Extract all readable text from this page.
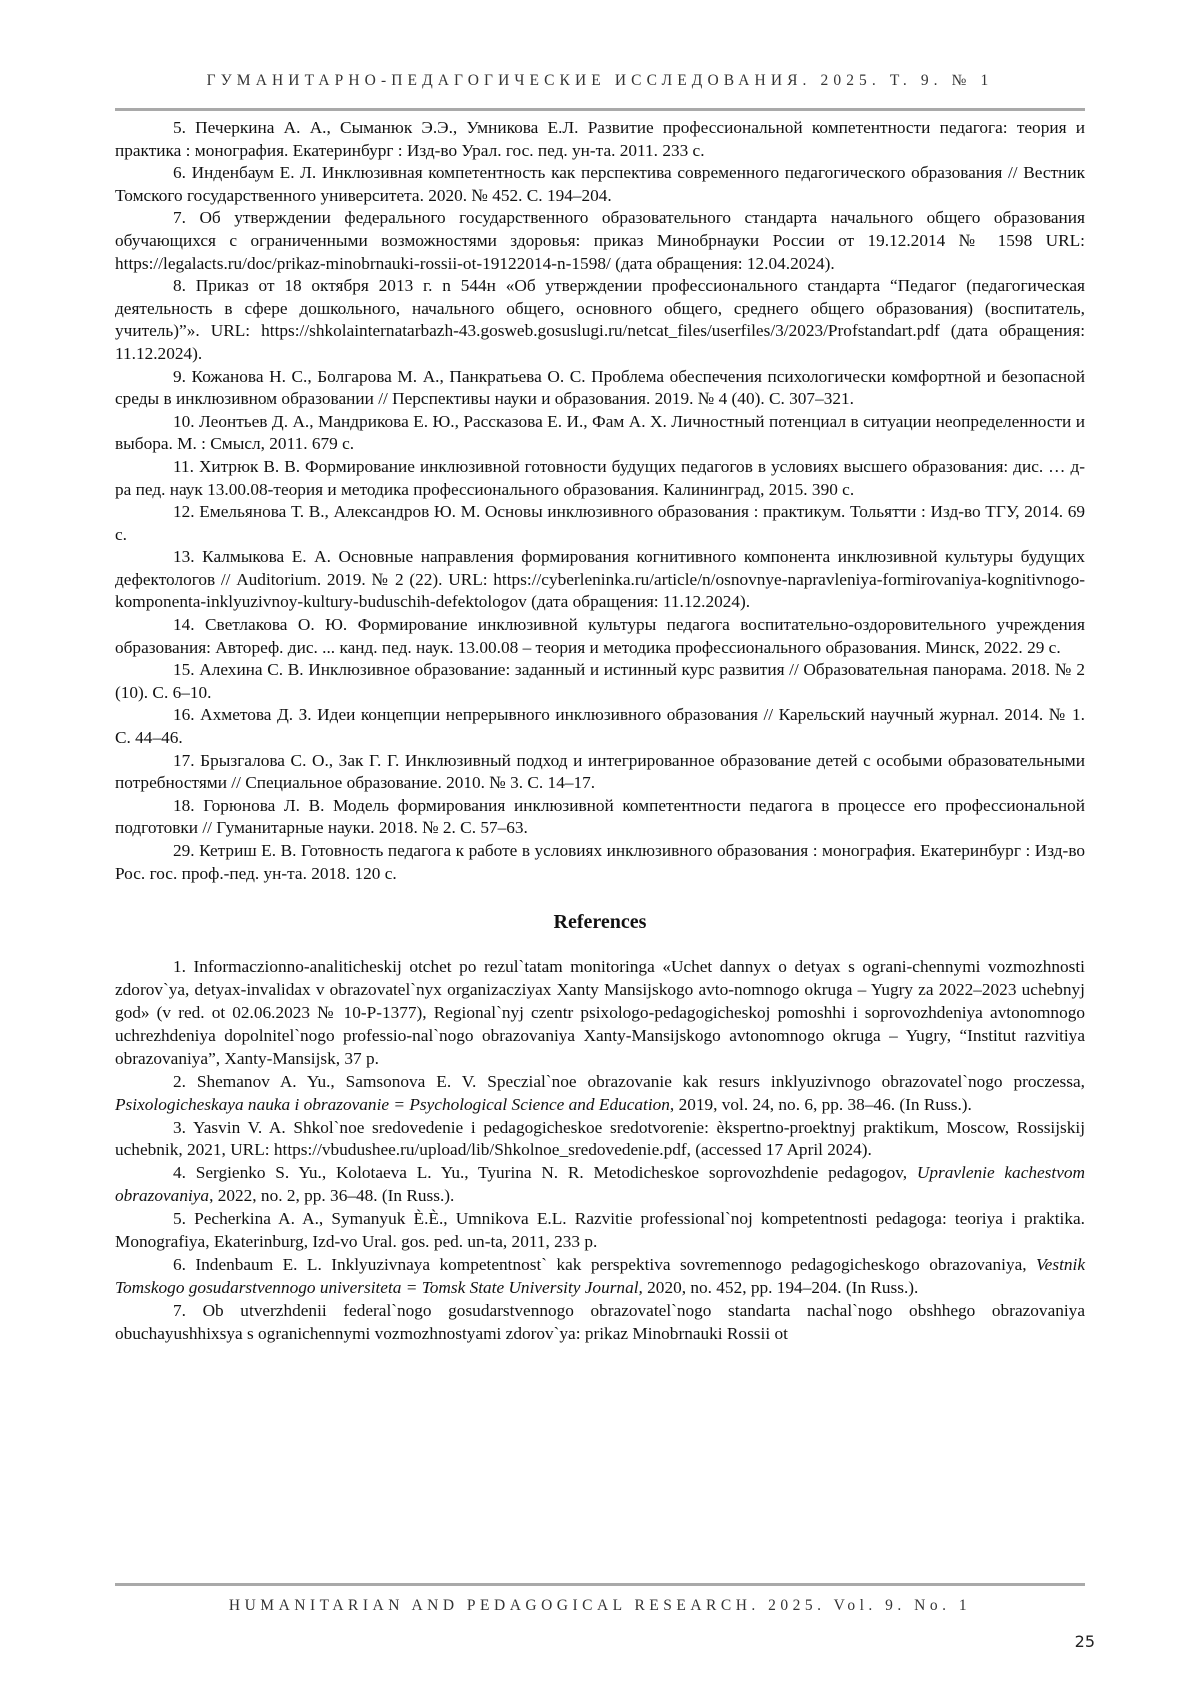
ГУМАНИТАРНО-ПЕДАГОГИЧЕСКИЕ ИССЛЕДОВАНИЯ. 2025. Т. 9. № 1

5. Печеркина А. А., Сыманюк Э.Э., Умникова Е.Л. Развитие профессиональной компетентности педагога: теория и практика : монография. Екатеринбург : Изд-во Урал. гос. пед. ун-та. 2011. 233 с.

6. Инденбаум Е. Л. Инклюзивная компетентность как перспектива современного педагогического образования // Вестник Томского государственного университета. 2020. № 452. С. 194–204.

7. Об утверждении федерального государственного образовательного стандарта начального общего образования обучающихся с ограниченными возможностями здоровья: приказ Минобрнауки России от 19.12.2014 № 1598 URL: https://legalacts.ru/doc/prikaz-minobrnauki-rossii-ot-19122014-n-1598/ (дата обращения: 12.04.2024).

8. Приказ от 18 октября 2013 г. n 544н «Об утверждении профессионального стандарта “Педагог (педагогическая деятельность в сфере дошкольного, начального общего, основного общего, среднего общего образования) (воспитатель, учитель)”». URL: https://shkolainternatarbazh-43.gosweb.gosuslugi.ru/netcat_files/userfiles/3/2023/Profstandart.pdf (дата обращения: 11.12.2024).

9. Кожанова Н. С., Болгарова М. А., Панкратьева О. С. Проблема обеспечения психологически комфортной и безопасной среды в инклюзивном образовании // Перспективы науки и образования. 2019. № 4 (40). С. 307–321.

10. Леонтьев Д. А., Мандрикова Е. Ю., Рассказова Е. И., Фам А. Х. Личностный потенциал в ситуации неопределенности и выбора. М. : Смысл, 2011. 679 с.

11. Хитрюк В. В. Формирование инклюзивной готовности будущих педагогов в условиях высшего образования: дис. … д-ра пед. наук 13.00.08-теория и методика профессионального образования. Калининград, 2015. 390 с.

12. Емельянова Т. В., Александров Ю. М. Основы инклюзивного образования : практикум. Тольятти : Изд-во ТГУ, 2014. 69 с.

13. Калмыкова Е. А. Основные направления формирования когнитивного компонента инклюзивной культуры будущих дефектологов // Auditorium. 2019. № 2 (22). URL: https://cyberleninka.ru/article/n/osnovnye-napravleniya-formirovaniya-kognitivnogo-komponenta-inklyuzivnoy-kultury-buduschih-defektologov (дата обращения: 11.12.2024).

14. Светлакова О. Ю. Формирование инклюзивной культуры педагога воспитательно-оздоровительного учреждения образования: Автореф. дис. ... канд. пед. наук. 13.00.08 – теория и методика профессионального образования. Минск, 2022. 29 с.

15. Алехина С. В. Инклюзивное образование: заданный и истинный курс развития // Образовательная панорама. 2018. № 2 (10). С. 6–10.

16. Ахметова Д. З. Идеи концепции непрерывного инклюзивного образования // Карельский научный журнал. 2014. № 1. С. 44–46.

17. Брызгалова С. О., Зак Г. Г. Инклюзивный подход и интегрированное образование детей с особыми образовательными потребностями // Специальное образование. 2010. № 3. С. 14–17.

18. Горюнова Л. В. Модель формирования инклюзивной компетентности педагога в процессе его профессиональной подготовки // Гуманитарные науки. 2018. № 2. С. 57–63.

29. Кетриш Е. В. Готовность педагога к работе в условиях инклюзивного образования : монография. Екатеринбург : Изд-во Рос. гос. проф.-пед. ун-та. 2018. 120 с.

References

1. Informaczionno-analiticheskij otchet po rezul`tatam monitoringa «Uchet dannyx o detyax s ograni-chennymi vozmozhnosti zdorov`ya, detyax-invalidax v obrazovatel`nyx organizacziyax Xanty Mansijskogo avto-nomnogo okruga – Yugry za 2022–2023 uchebnyj god» (v red. ot 02.06.2023 № 10-P-1377), Regional`nyj czentr psixologo-pedagogicheskoj pomoshhi i soprovozhdeniya avtonomnogo uchrezhdeniya dopolnitel`nogo professio-nal`nogo obrazovaniya Xanty-Mansijskogo avtonomnogo okruga – Yugry, “Institut razvitiya obrazovaniya”, Xanty-Mansijsk, 37 p.

2. Shemanov A. Yu., Samsonova E. V. Speczial`noe obrazovanie kak resurs inklyuzivnogo obrazovatel`nogo proczessa, Psixologicheskaya nauka i obrazovanie = Psychological Science and Education, 2019, vol. 24, no. 6, pp. 38–46. (In Russ.).

3. Yasvin V. A. Shkol`noe sredovedenie i pedagogicheskoe sredotvorenie: èkspertno-proektnyj praktikum, Moscow, Rossijskij uchebnik, 2021, URL: https://vbudushee.ru/upload/lib/Shkolnoe_sredovedenie.pdf, (accessed 17 April 2024).

4. Sergienko S. Yu., Kolotaeva L. Yu., Tyurina N. R. Metodicheskoe soprovozhdenie pedagogov, Upravlenie kachestvom obrazovaniya, 2022, no. 2, pp. 36–48. (In Russ.).

5. Pecherkina A. A., Symanyuk È.È., Umnikova E.L. Razvitie professional`noj kompetentnosti pedagoga: teoriya i praktika. Monografiya, Ekaterinburg, Izd-vo Ural. gos. ped. un-ta, 2011, 233 p.

6. Indenbaum E. L. Inklyuzivnaya kompetentnost` kak perspektiva sovremennogo pedagogicheskogo obrazovaniya, Vestnik Tomskogo gosudarstvennogo universiteta = Tomsk State University Journal, 2020, no. 452, pp. 194–204. (In Russ.).

7. Ob utverzhdenii federal`nogo gosudarstvennogo obrazovatel`nogo standarta nachal`nogo obshhego obrazovaniya obuchayushhixsya s ogranichennymi vozmozhnostyami zdorov`ya: prikaz Minobrnauki Rossii ot

HUMANITARIAN AND PEDAGOGICAL RESEARCH. 2025. Vol. 9. No. 1
25
